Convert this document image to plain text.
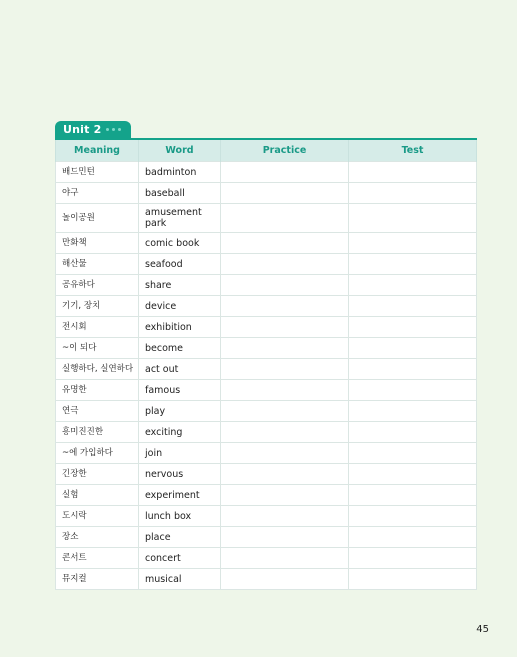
Unit 2
Meaning	Word	Practice	Test
배드민턴	badminton		
야구	baseball		
놀이공원	amusement park		
만화책	comic book		
해산물	seafood		
공유하다	share		
기기, 장치	device		
전시회	exhibition		
~이 되다	become		
실행하다, 실연하다	act out		
유명한	famous		
연극	play		
흥미진진한	exciting		
~에 가입하다	join		
긴장한	nervous		
실험	experiment		
도시락	lunch box		
장소	place		
콘서트	concert		
뮤지컬	musical		
45
